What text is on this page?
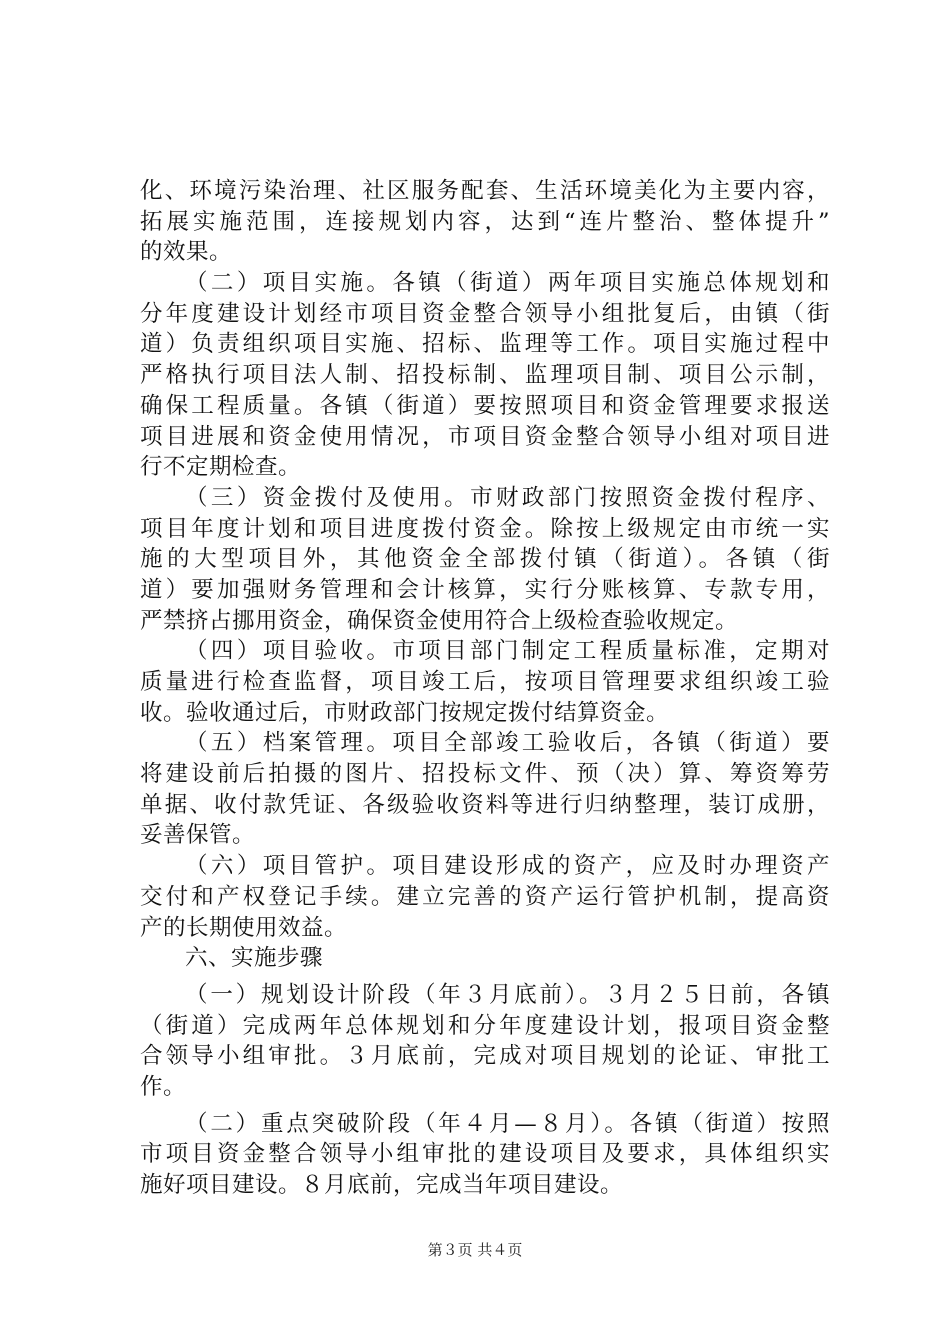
化、环境污染治理、社区服务配套、生活环境美化为主要内容，
拓展实施范围，连接规划内容，达到“连片整治、整体提升”
的效果。
（二）项目实施。各镇（街道）两年项目实施总体规划和
分年度建设计划经市项目资金整合领导小组批复后，由镇（街
道）负责组织项目实施、招标、监理等工作。项目实施过程中
严格执行项目法人制、招投标制、监理项目制、项目公示制，
确保工程质量。各镇（街道）要按照项目和资金管理要求报送
项目进展和资金使用情况，市项目资金整合领导小组对项目进
行不定期检查。
（三）资金拨付及使用。市财政部门按照资金拨付程序、
项目年度计划和项目进度拨付资金。除按上级规定由市统一实
施的大型项目外，其他资金全部拨付镇（街道）。各镇（街
道）要加强财务管理和会计核算，实行分账核算、专款专用，
严禁挤占挪用资金，确保资金使用符合上级检查验收规定。
（四）项目验收。市项目部门制定工程质量标准，定期对
质量进行检查监督，项目竣工后，按项目管理要求组织竣工验
收。验收通过后，市财政部门按规定拨付结算资金。
（五）档案管理。项目全部竣工验收后，各镇（街道）要
将建设前后拍摄的图片、招投标文件、预（决）算、筹资筹劳
单据、收付款凭证、各级验收资料等进行归纳整理，装订成册，
妥善保管。
（六）项目管护。项目建设形成的资产，应及时办理资产
交付和产权登记手续。建立完善的资产运行管护机制，提高资
产的长期使用效益。
六、实施步骤
（一）规划设计阶段（年３月底前）。３月２５日前，各镇
（街道）完成两年总体规划和分年度建设计划，报项目资金整
合领导小组审批。３月底前，完成对项目规划的论证、审批工
作。
（二）重点突破阶段（年４月—８月）。各镇（街道）按照
市项目资金整合领导小组审批的建设项目及要求，具体组织实
施好项目建设。８月底前，完成当年项目建设。
第３页 共４页
